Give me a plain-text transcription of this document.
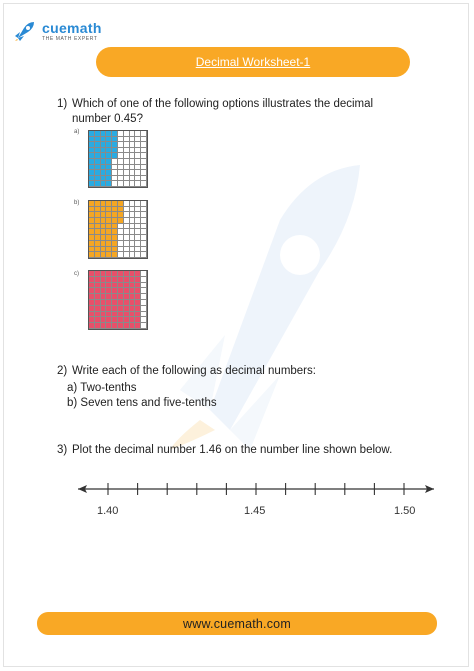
cuemath
THE MATH EXPERT
Decimal Worksheet-1
1) Which of one of the following options illustrates the decimal
number 0.45?
a)
b)
c)
2) Write each of the following as decimal numbers:
a) Two-tenths
b) Seven tens and five-tenths
3) Plot the decimal number 1.46 on the number line shown below.
1.40	1.45	1.50
www.cuemath.com
